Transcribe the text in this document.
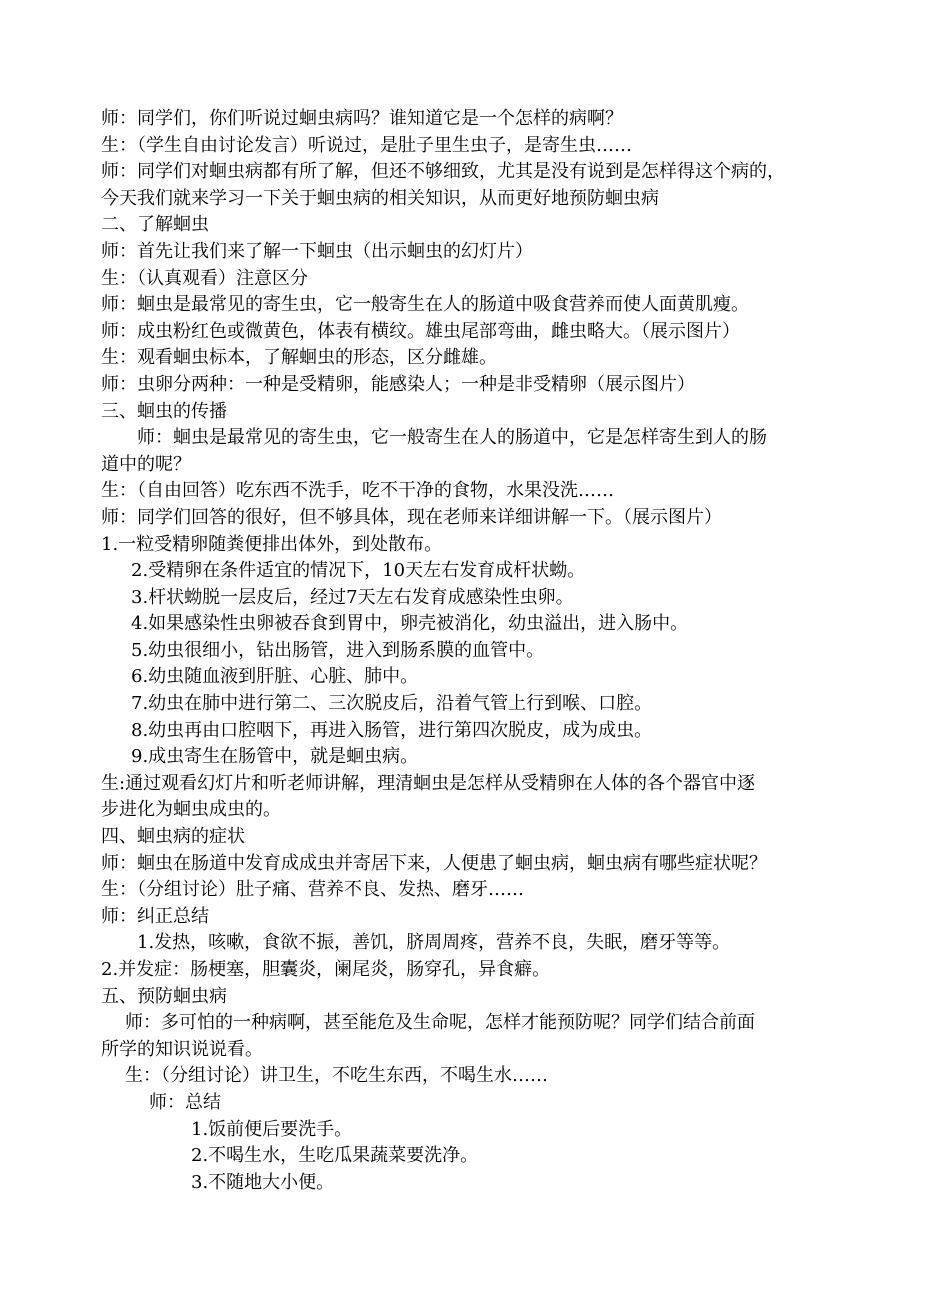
师：同学们，你们听说过蛔虫病吗？谁知道它是一个怎样的病啊？
生：（学生自由讨论发言）听说过，是肚子里生虫子，是寄生虫……
师：同学们对蛔虫病都有所了解，但还不够细致，尤其是没有说到是怎样得这个病的，
今天我们就来学习一下关于蛔虫病的相关知识，从而更好地预防蛔虫病
二、了解蛔虫
师：首先让我们来了解一下蛔虫（出示蛔虫的幻灯片）
生：（认真观看）注意区分
师：蛔虫是最常见的寄生虫，它一般寄生在人的肠道中吸食营养而使人面黄肌瘦。
师：成虫粉红色或微黄色，体表有横纹。雄虫尾部弯曲，雌虫略大。（展示图片）
生：观看蛔虫标本，了解蛔虫的形态，区分雌雄。
师：虫卵分两种：一种是受精卵，能感染人；一种是非受精卵（展示图片）
三、蛔虫的传播
师：蛔虫是最常见的寄生虫，它一般寄生在人的肠道中，它是怎样寄生到人的肠
道中的呢？
生：（自由回答）吃东西不洗手，吃不干净的食物，水果没洗……
师：同学们回答的很好，但不够具体，现在老师来详细讲解一下。（展示图片）
1.一粒受精卵随粪便排出体外，到处散布。
2.受精卵在条件适宜的情况下，10天左右发育成杆状蚴。
3.杆状蚴脱一层皮后，经过7天左右发育成感染性虫卵。
4.如果感染性虫卵被吞食到胃中，卵壳被消化，幼虫溢出，进入肠中。
5.幼虫很细小，钻出肠管，进入到肠系膜的血管中。
6.幼虫随血液到肝脏、心脏、肺中。
7.幼虫在肺中进行第二、三次脱皮后，沿着气管上行到喉、口腔。
8.幼虫再由口腔咽下，再进入肠管，进行第四次脱皮，成为成虫。
9.成虫寄生在肠管中，就是蛔虫病。
生:通过观看幻灯片和听老师讲解，理清蛔虫是怎样从受精卵在人体的各个器官中逐
步进化为蛔虫成虫的。
四、蛔虫病的症状
师：蛔虫在肠道中发育成成虫并寄居下来，人便患了蛔虫病，蛔虫病有哪些症状呢？
生：（分组讨论）肚子痛、营养不良、发热、磨牙……
师：纠正总结
1.发热，咳嗽，食欲不振，善饥，脐周周疼，营养不良，失眠，磨牙等等。
2.并发症：肠梗塞，胆囊炎，阑尾炎，肠穿孔，异食癖。
五、预防蛔虫病
师：多可怕的一种病啊，甚至能危及生命呢，怎样才能预防呢？同学们结合前面
所学的知识说说看。
生：（分组讨论）讲卫生，不吃生东西，不喝生水……
师：总结
1.饭前便后要洗手。
2.不喝生水，生吃瓜果蔬菜要洗净。
3.不随地大小便。
